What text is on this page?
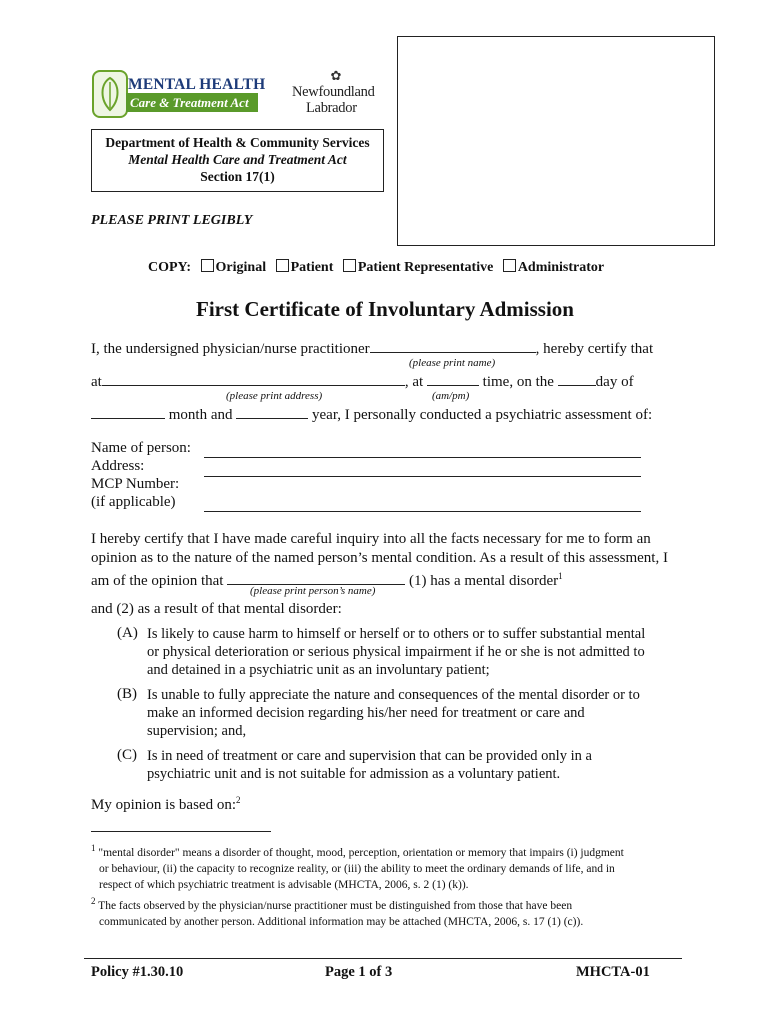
MENTAL HEALTH
Care & Treatment Act
✿
Newfoundland
Labrador
Department of Health & Community Services
Mental Health Care and Treatment Act
Section 17(1)
PLEASE PRINT LEGIBLY
COPY: Original Patient Patient Representative Administrator
First Certificate of Involuntary Admission
I, the undersigned physician/nurse practitioner	, hereby certify that
(please print name)
at	, at	time, on the	day of
(please print address)	(am/pm)
month and	year, I personally conducted a psychiatric assessment of:
Name of person:
Address:
MCP Number:
(if applicable)
I hereby certify that I have made careful inquiry into all the facts necessary for me to form an
opinion as to the nature of the named person’s mental condition. As a result of this assessment, I
am of the opinion that	(1) has a mental disorder$^1$
(please print person’s name)
and (2) as a result of that mental disorder:
(A) Is likely to cause harm to himself or herself or to others or to suffer substantial mental
or physical deterioration or serious physical impairment if he or she is not admitted to
and detained in a psychiatric unit as an involuntary patient;
(B) Is unable to fully appreciate the nature and consequences of the mental disorder or to
make an informed decision regarding his/her need for treatment or care and
supervision; and,
(C) Is in need of treatment or care and supervision that can be provided only in a
psychiatric unit and is not suitable for admission as a voluntary patient.
My opinion is based on:$^2$
$^1$ "mental disorder" means a disorder of thought, mood, perception, orientation or memory that impairs (i) judgment
or behaviour, (ii) the capacity to recognize reality, or (iii) the ability to meet the ordinary demands of life, and in
respect of which psychiatric treatment is advisable (MHCTA, 2006, s. 2 (1) (k)).
$^2$ The facts observed by the physician/nurse practitioner must be distinguished from those that have been
communicated by another person. Additional information may be attached (MHCTA, 2006, s. 17 (1) (c)).
Policy #1.30.10	Page 1 of 3	MHCTA-01
